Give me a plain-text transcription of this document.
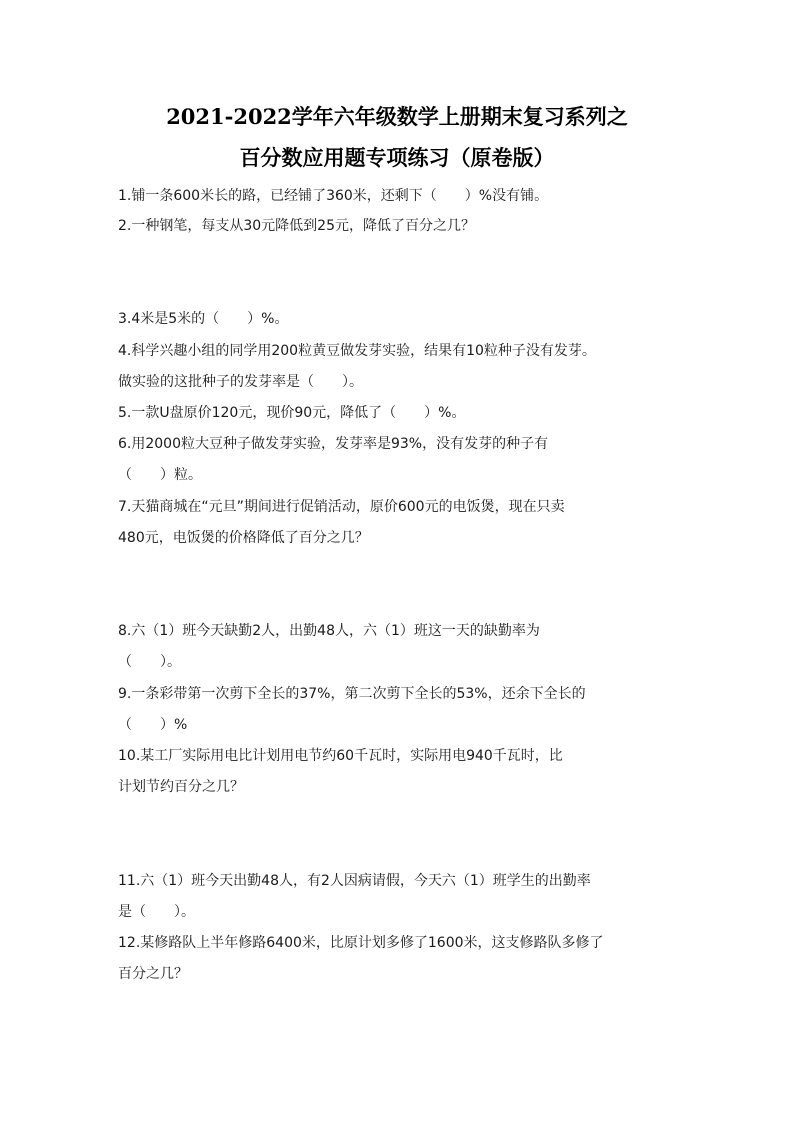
2021-2022学年六年级数学上册期末复习系列之
百分数应用题专项练习（原卷版）
1.铺一条600米长的路，已经铺了360米，还剩下（　　）%没有铺。
2.一种钢笔，每支从30元降低到25元，降低了百分之几？
3.4米是5米的（　　）%。
4.科学兴趣小组的同学用200粒黄豆做发芽实验，结果有10粒种子没有发芽。
做实验的这批种子的发芽率是（　　）。
5.一款U盘原价120元，现价90元，降低了（　　）%。
6.用2000粒大豆种子做发芽实验，发芽率是93%，没有发芽的种子有
（　　）粒。
7.天猫商城在“元旦”期间进行促销活动，原价600元的电饭煲，现在只卖
480元，电饭煲的价格降低了百分之几？
8.六（1）班今天缺勤2人，出勤48人，六（1）班这一天的缺勤率为
（　　）。
9.一条彩带第一次剪下全长的37%，第二次剪下全长的53%，还余下全长的
（　　）%
10.某工厂实际用电比计划用电节约60千瓦时，实际用电940千瓦时，比
计划节约百分之几？
11.六（1）班今天出勤48人，有2人因病请假，今天六（1）班学生的出勤率
是（　　）。
12.某修路队上半年修路6400米，比原计划多修了1600米，这支修路队多修了
百分之几？
